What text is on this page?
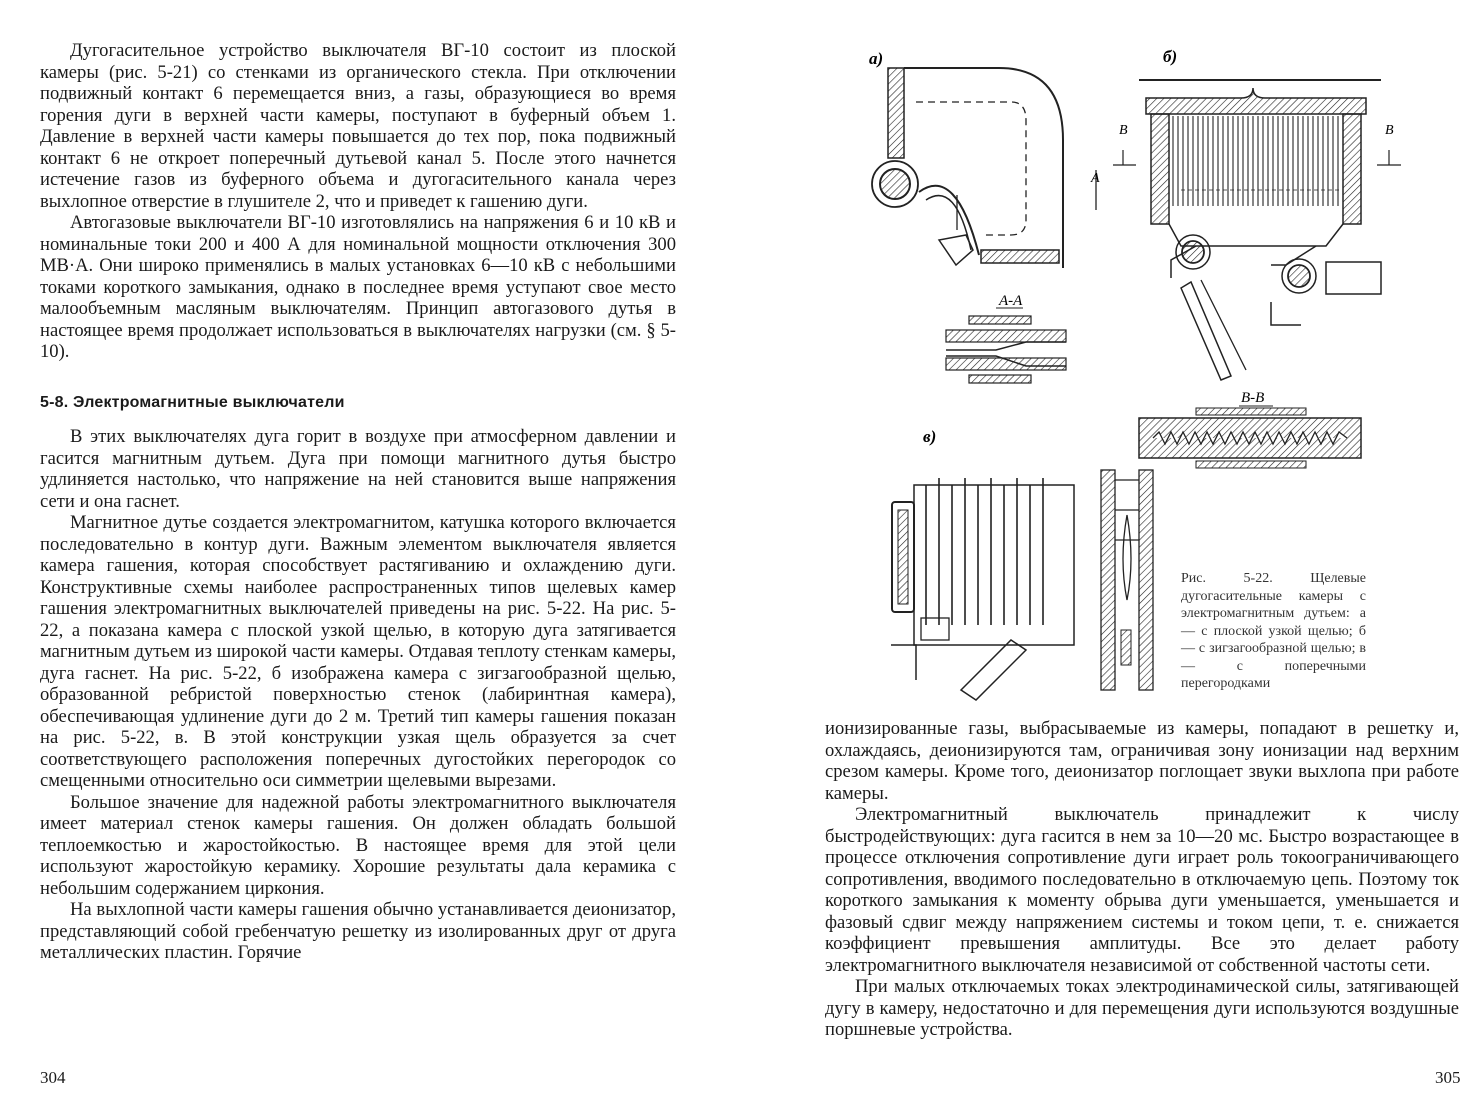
Дугогасительное устройство выключателя ВГ-10 состоит из плоской камеры (рис. 5-21) со стенками из органического стекла. При отключении подвижный контакт 6 перемещается вниз, а газы, образующиеся во время горения дуги в верхней части камеры, поступают в буферный объем 1. Давление в верхней части камеры повышается до тех пор, пока подвижный контакт 6 не откроет поперечный дутьевой канал 5. После этого начнется истечение газов из буферного объема и дугогасительного канала через выхлопное отверстие в глушителе 2, что и приведет к гашению дуги.

Автогазовые выключатели ВГ-10 изготовлялись на напряжения 6 и 10 кВ и номинальные токи 200 и 400 А для номинальной мощности отключения 300 МВ·А. Они широко применялись в малых установках 6—10 кВ с небольшими токами короткого замыкания, однако в последнее время уступают свое место малообъемным масляным выключателям. Принцип автогазового дутья в настоящее время продолжает использоваться в выключателях нагрузки (см. § 5-10).

5-8. Электромагнитные выключатели

В этих выключателях дуга горит в воздухе при атмосферном давлении и гасится магнитным дутьем. Дуга при помощи магнитного дутья быстро удлиняется настолько, что напряжение на ней становится выше напряжения сети и она гаснет.

Магнитное дутье создается электромагнитом, катушка которого включается последовательно в контур дуги. Важным элементом выключателя является камера гашения, которая способствует растягиванию и охлаждению дуги. Конструктивные схемы наиболее распространенных типов щелевых камер гашения электромагнитных выключателей приведены на рис. 5-22. На рис. 5-22, а показана камера с плоской узкой щелью, в которую дуга затягивается магнитным дутьем из широкой части камеры. Отдавая теплоту стенкам камеры, дуга гаснет. На рис. 5-22, б изображена камера с зигзагообразной щелью, образованной ребристой поверхностью стенок (лабиринтная камера), обеспечивающая удлинение дуги до 2 м. Третий тип камеры гашения показан на рис. 5-22, в. В этой конструкции узкая щель образуется за счет соответствующего расположения поперечных дугостойких перегородок со смещенными относительно оси симметрии щелевыми вырезами.

Большое значение для надежной работы электромагнитного выключателя имеет материал стенок камеры гашения. Он должен обладать большой теплоемкостью и жаростойкостью. В настоящее время для этой цели используют жаростойкую керамику. Хорошие результаты дала керамика с небольшим содержанием циркония.

На выхлопной части камеры гашения обычно устанавливается деионизатор, представляющий собой гребенчатую решетку из изолированных друг от друга металлических пластин. Горячие

304
а)
А
А-А
б)
В	В
В-В
в)
Рис. 5-22. Щелевые дугогасительные камеры с электромагнитным дутьем: а — с плоской узкой щелью; б — с зигзагообразной щелью; в — с поперечными перегородками

ионизированные газы, выбрасываемые из камеры, попадают в решетку и, охлаждаясь, деионизируются там, ограничивая зону ионизации над верхним срезом камеры. Кроме того, деионизатор поглощает звуки выхлопа при работе камеры.

Электромагнитный выключатель принадлежит к числу быстродействующих: дуга гасится в нем за 10—20 мс. Быстро возрастающее в процессе отключения сопротивление дуги играет роль токоограничивающего сопротивления, вводимого последовательно в отключаемую цепь. Поэтому ток короткого замыкания к моменту обрыва дуги уменьшается, уменьшается и фазовый сдвиг между напряжением системы и током цепи, т. е. снижается коэффициент превышения амплитуды. Все это делает работу электромагнитного выключателя независимой от собственной частоты сети.

При малых отключаемых токах электродинамической силы, затягивающей дугу в камеру, недостаточно и для перемещения дуги используются воздушные поршневые устройства.

305
